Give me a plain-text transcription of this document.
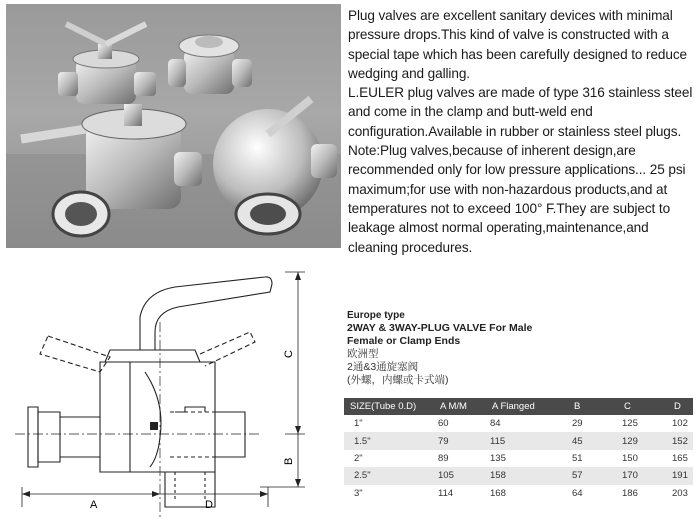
Plug valves are excellent sanitary devices with minimal pressure drops.This kind of valve is constructed with a special tape which has been carefully designed to reduce wedging and galling.

L.EULER plug valves are made of type 316 stainless steel and come in the clamp and butt-weld end configuration.Available in rubber or stainless steel plugs.

Note:Plug valves,because of inherent design,are recommended only for low pressure applications... 25 psi maximum;for use with non-hazardous products,and at temperatures not to exceed 100° F.They are subject to leakage almost normal operating,maintenance,and cleaning procedures.

A	D
C
B
Europe type
2WAY & 3WAY-PLUG VALVE For Male
Female or Clamp Ends
欧洲型
2通&3通旋塞阀
(外螺，内螺或卡式端)
SIZE(Tube 0.D)	A M/M	A Flanged	B	C	D
1"	60	84	29	125	102
1.5"	79	115	45	129	152
2"	89	135	51	150	165
2.5"	105	158	57	170	191
3"	114	168	64	186	203
